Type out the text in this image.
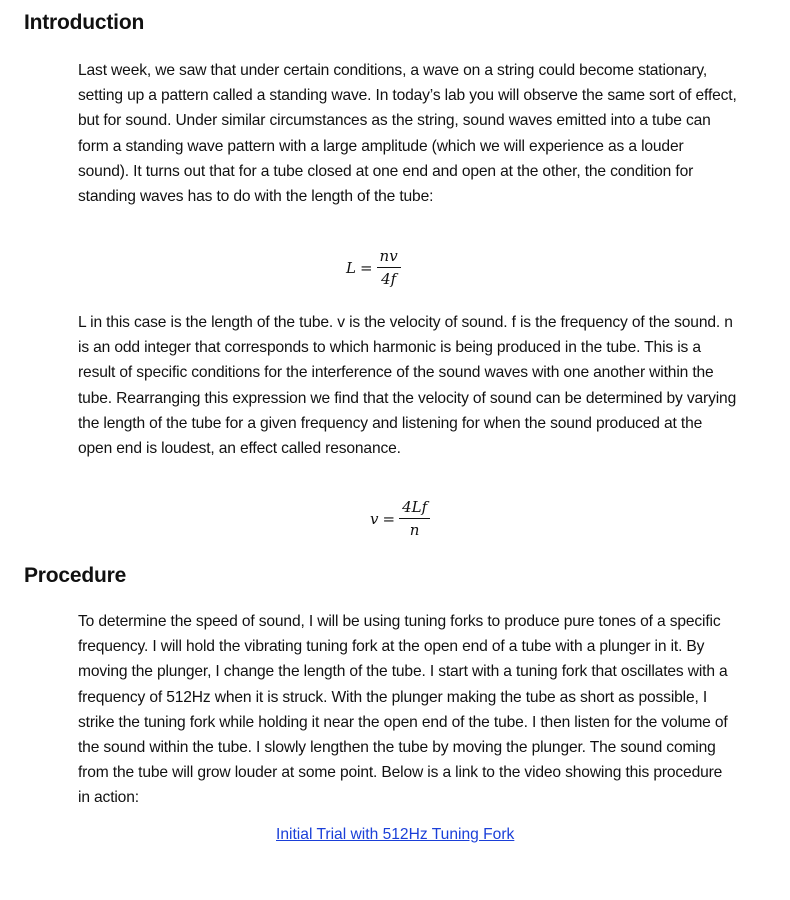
Introduction

Last week, we saw that under certain conditions, a wave on a string could become stationary, setting up a pattern called a standing wave. In today’s lab you will observe the same sort of effect, but for sound. Under similar circumstances as the string, sound waves emitted into a tube can form a standing wave pattern with a large amplitude (which we will experience as a louder sound). It turns out that for a tube closed at one end and open at the other, the condition for standing waves has to do with the length of the tube:

$L = \frac{nv}{4f}$

L in this case is the length of the tube. v is the velocity of sound. f is the frequency of the sound. n is an odd integer that corresponds to which harmonic is being produced in the tube. This is a result of specific conditions for the interference of the sound waves with one another within the tube. Rearranging this expression we find that the velocity of sound can be determined by varying the length of the tube for a given frequency and listening for when the sound produced at the open end is loudest, an effect called resonance.

$v = \frac{4Lf}{n}$
Procedure

To determine the speed of sound, I will be using tuning forks to produce pure tones of a specific frequency. I will hold the vibrating tuning fork at the open end of a tube with a plunger in it. By moving the plunger, I change the length of the tube. I start with a tuning fork that oscillates with a frequency of 512Hz when it is struck. With the plunger making the tube as short as possible, I strike the tuning fork while holding it near the open end of the tube. I then listen for the volume of the sound within the tube. I slowly lengthen the tube by moving the plunger. The sound coming from the tube will grow louder at some point. Below is a link to the video showing this procedure in action:

Initial Trial with 512Hz Tuning Fork
